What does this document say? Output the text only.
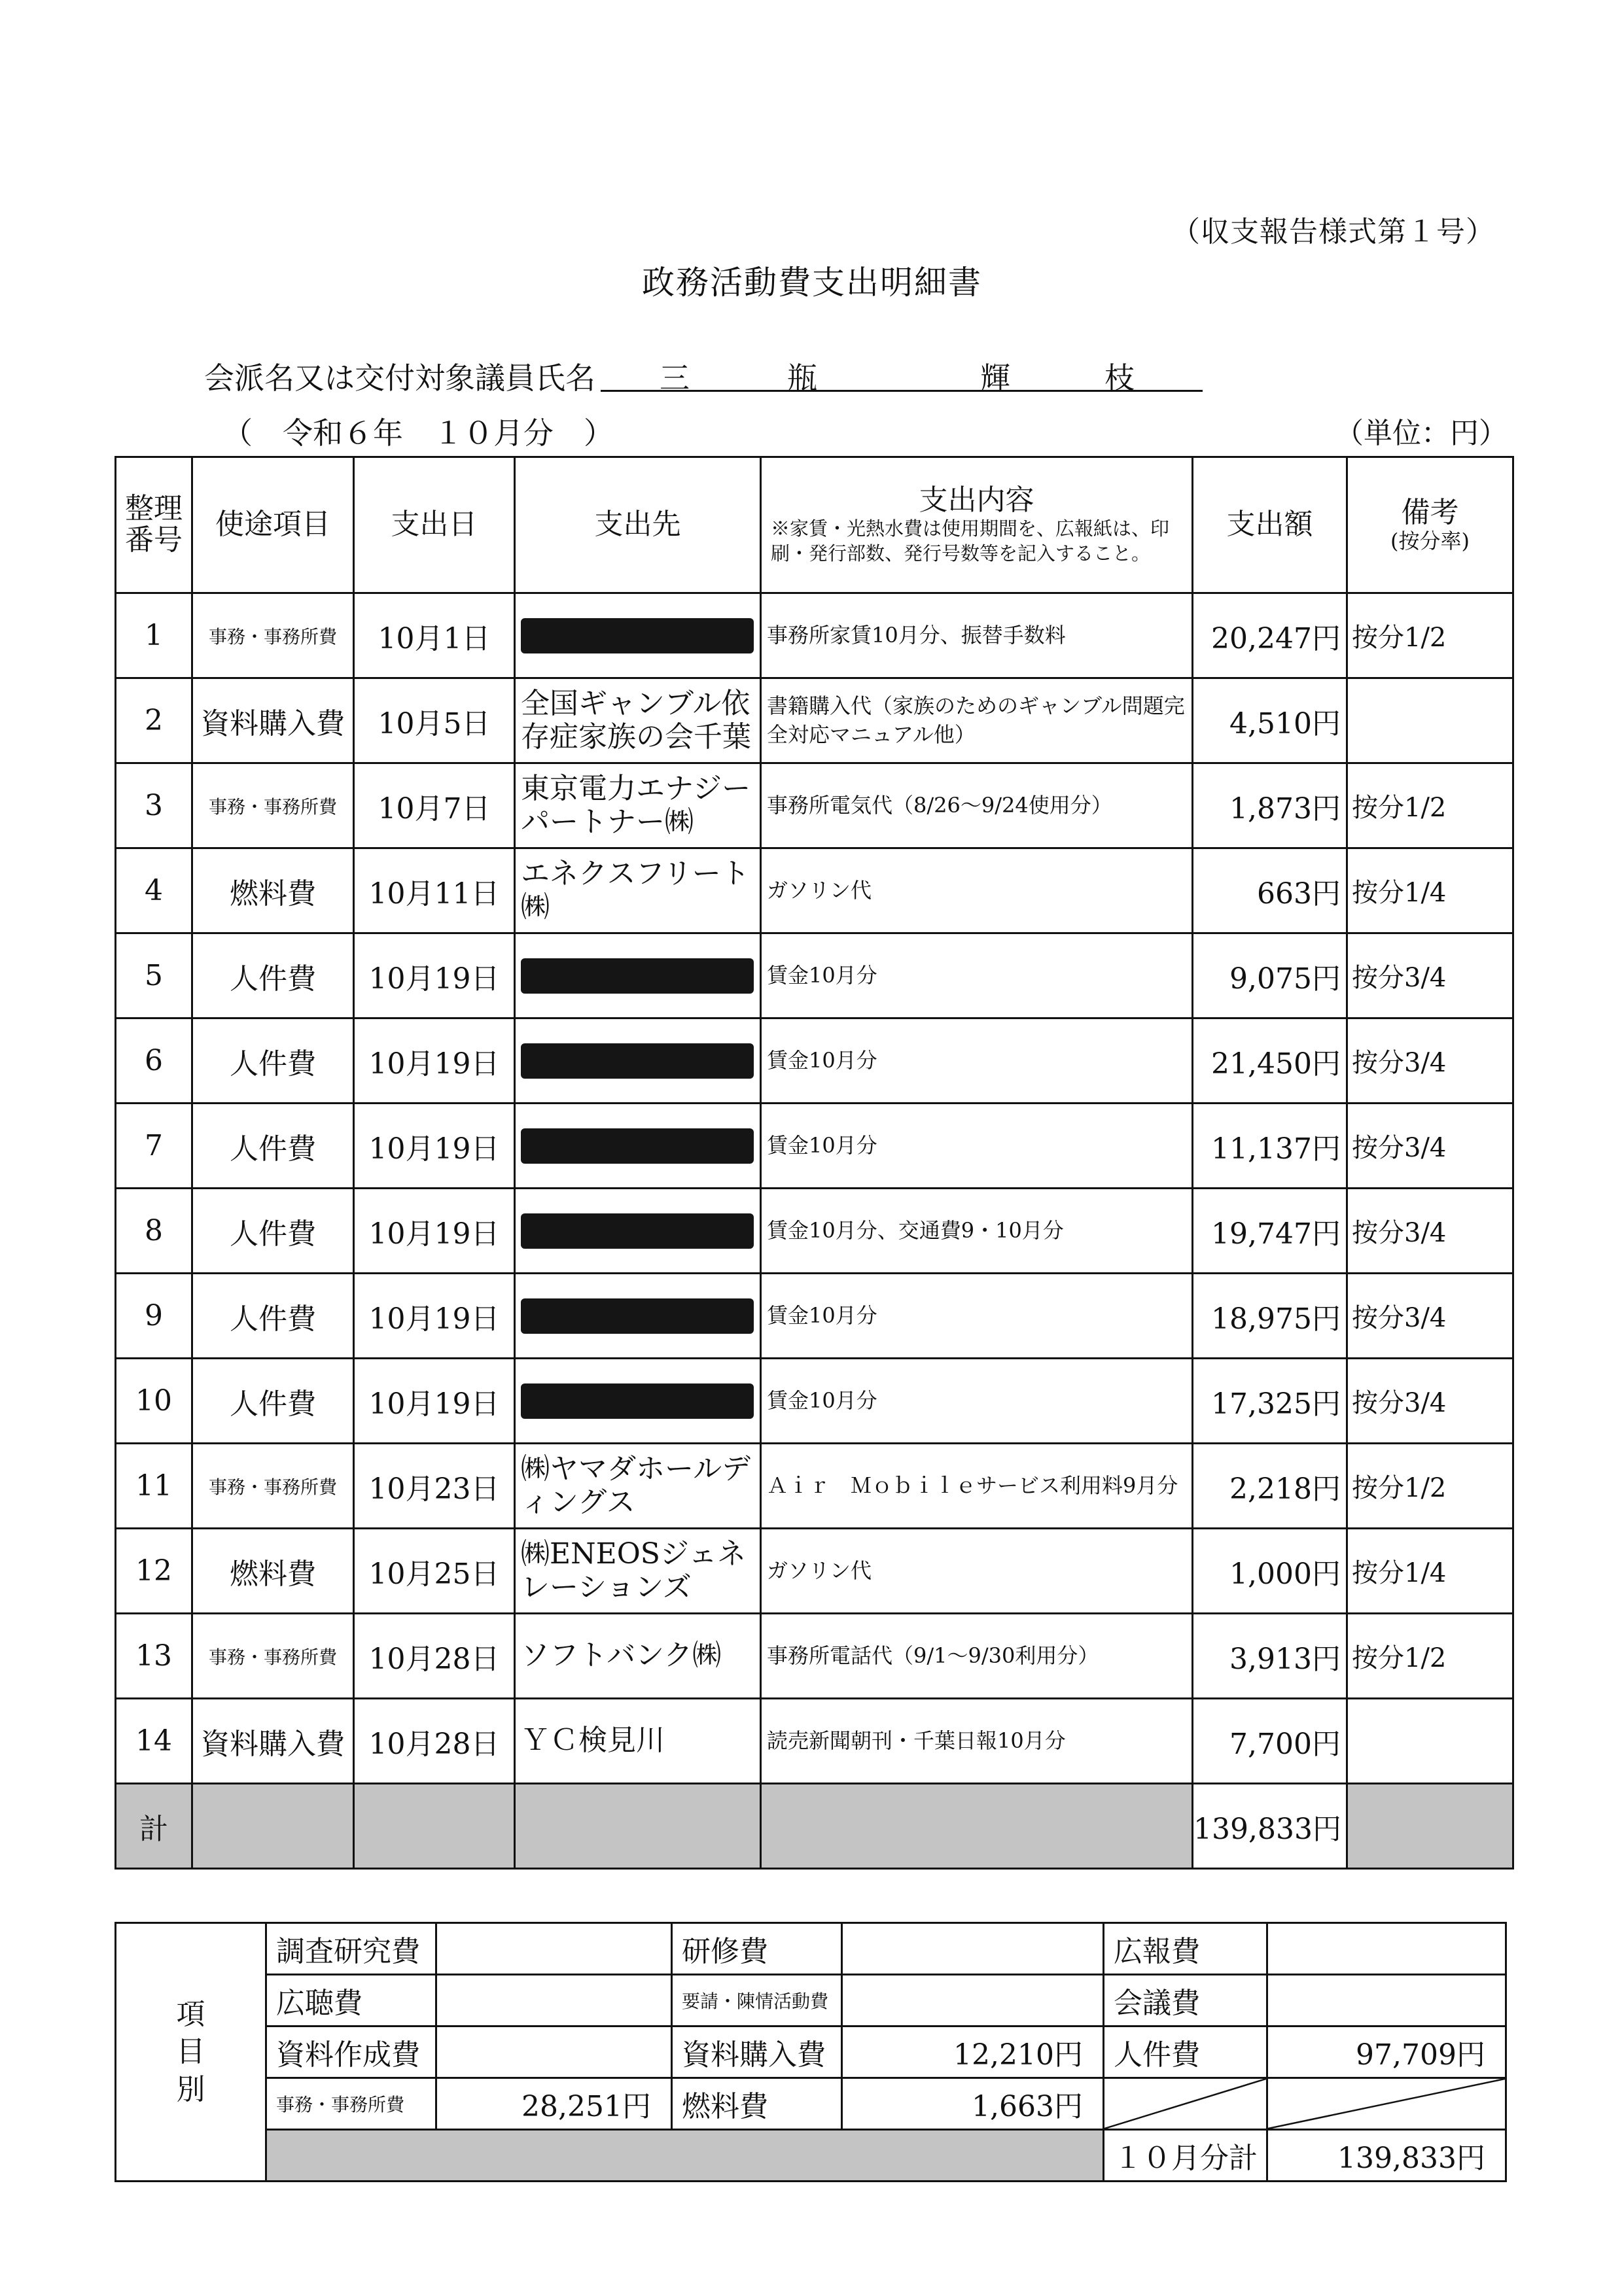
（収支報告様式第１号）
政務活動費支出明細書
会派名又は交付対象議員氏名 三	瓶	輝	枝
（　令和６年　１０月分　）	（単位：円）
整理番号	使途項目	支出日	支出先	支出内容
※家賃・光熱水費は使用期間を、広報紙は、印刷・発行部数、発行号数等を記入すること。	支出額	備考
(按分率)

1	事務・事務所費	10月1日		事務所家賃10月分、振替手数料	20,247円	按分1/2
2	資料購入費	10月5日	全国ギャンブル依存症家族の会千葉	書籍購入代（家族のためのギャンブル問題完全対応マニュアル他）	4,510円	
3	事務・事務所費	10月7日	東京電力エナジーパートナー㈱	事務所電気代（8/26～9/24使用分）	1,873円	按分1/2
4	燃料費	10月11日	エネクスフリート㈱	ガソリン代	663円	按分1/4
5	人件費	10月19日		賃金10月分	9,075円	按分3/4
6	人件費	10月19日		賃金10月分	21,450円	按分3/4
7	人件費	10月19日		賃金10月分	11,137円	按分3/4
8	人件費	10月19日		賃金10月分、交通費9・10月分	19,747円	按分3/4
9	人件費	10月19日		賃金10月分	18,975円	按分3/4
10	人件費	10月19日		賃金10月分	17,325円	按分3/4
11	事務・事務所費	10月23日	㈱ヤマダホールディングス	Ａｉｒ　Ｍｏｂｉｌｅサービス利用料9月分	2,218円	按分1/2
12	燃料費	10月25日	㈱ENEOSジェネレーションズ	ガソリン代	1,000円	按分1/4
13	事務・事務所費	10月28日	ソフトバンク㈱	事務所電話代（9/1～9/30利用分）	3,913円	按分1/2
14	資料購入費	10月28日	ＹＣ検見川	読売新聞朝刊・千葉日報10月分	7,700円	
計					139,833円	
項目別	調査研究費		研修費		広報費	
	広聴費		要請・陳情活動費		会議費	
	資料作成費		資料購入費	12,210円	人件費	97,709円
	事務・事務所費	28,251円	燃料費	1,663円	

					１０月分計	139,833円
